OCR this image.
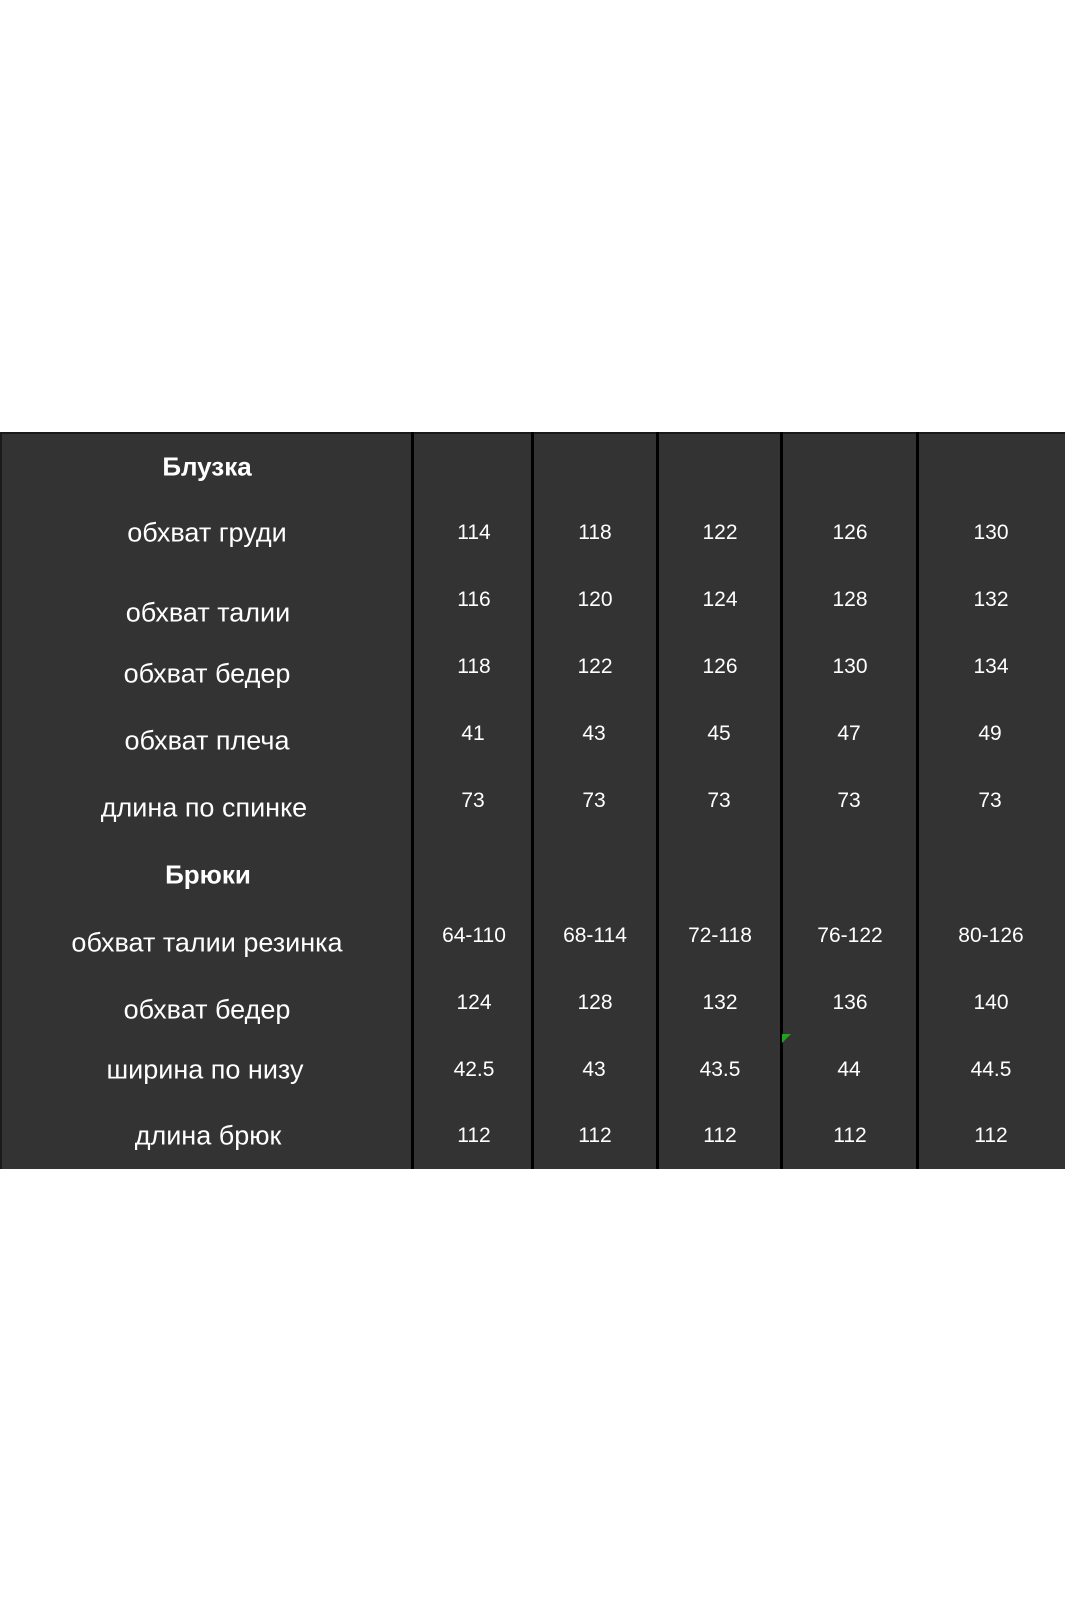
Блузка
обхват груди	114	118	122	126	130
обхват талии	116	120	124	128	132
обхват бедер	118	122	126	130	134
обхват плеча	41	43	45	47	49
длина по спинке	73	73	73	73	73
Брюки
обхват талии резинка	64-110	68-114	72-118	76-122	80-126
обхват бедер	124	128	132	136	140
ширина по низу	42.5	43	43.5	44	44.5
длина брюк	112	112	112	112	112
